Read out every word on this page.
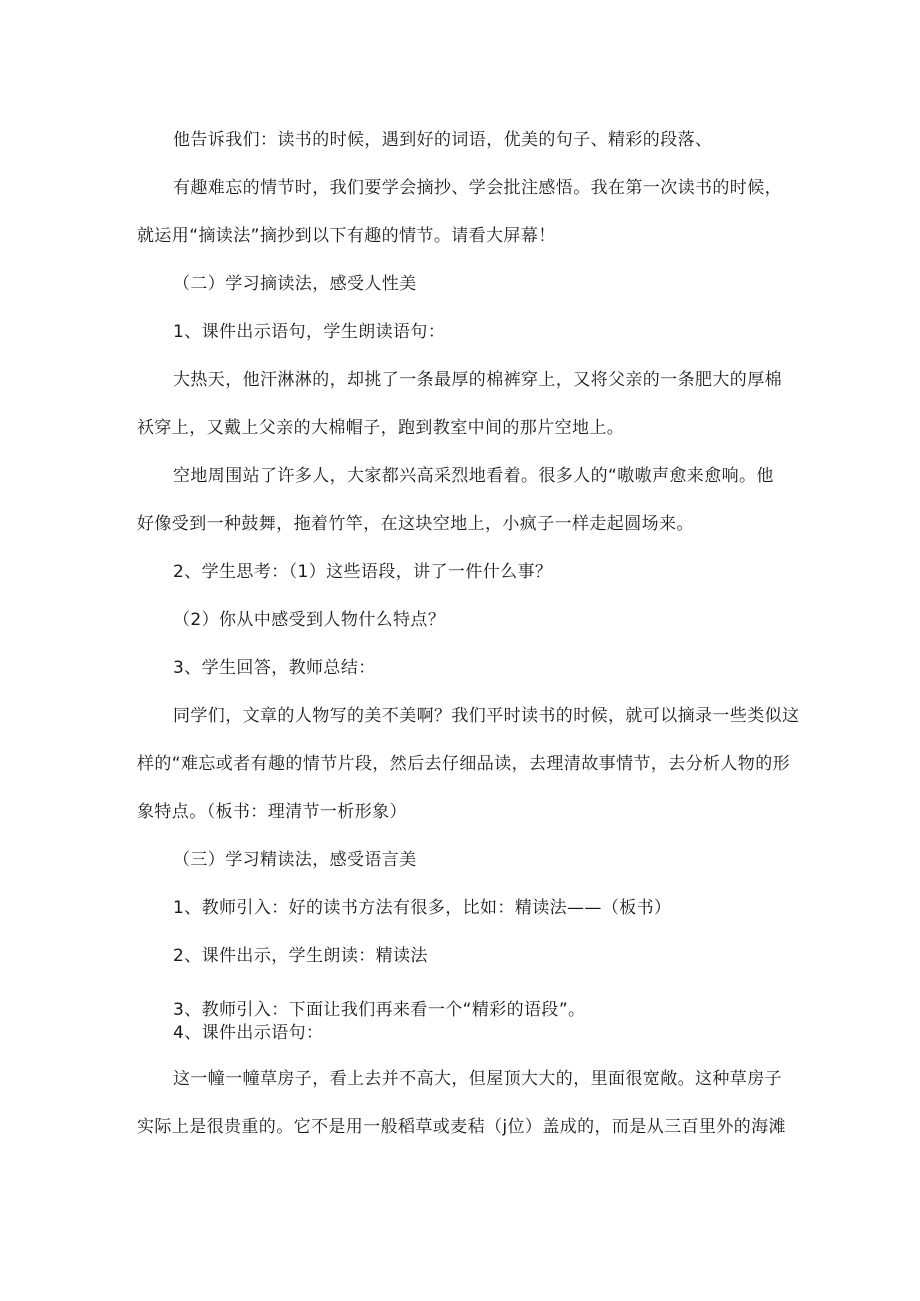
他告诉我们：读书的时候，遇到好的词语，优美的句子、精彩的段落、
有趣难忘的情节时，我们要学会摘抄、学会批注感悟。我在第一次读书的时候，
就运用“摘读法”摘抄到以下有趣的情节。请看大屏幕！
（二）学习摘读法，感受人性美
1、课件出示语句，学生朗读语句：
大热天，他汗淋淋的，却挑了一条最厚的棉裤穿上，又将父亲的一条肥大的厚棉
袄穿上，又戴上父亲的大棉帽子，跑到教室中间的那片空地上。
空地周围站了许多人，大家都兴高采烈地看着。很多人的“嗷嗷声愈来愈响。他
好像受到一种鼓舞，拖着竹竿，在这块空地上，小疯子一样走起圆场来。
2、学生思考：（1）这些语段，讲了一件什么事？
（2）你从中感受到人物什么特点？
3、学生回答，教师总结：
同学们，文章的人物写的美不美啊？我们平时读书的时候，就可以摘录一些类似这
样的“难忘或者有趣的情节片段，然后去仔细品读，去理清故事情节，去分析人物的形
象特点。（板书：理清节一析形象）
（三）学习精读法，感受语言美
1、教师引入：好的读书方法有很多，比如：精读法——（板书）
2、课件出示，学生朗读：精读法
3、教师引入：下面让我们再来看一个“精彩的语段”。
4、课件出示语句：
这一幢一幢草房子，看上去并不高大，但屋顶大大的，里面很宽敞。这种草房子
实际上是很贵重的。它不是用一般稻草或麦秸（j位）盖成的，而是从三百里外的海滩
